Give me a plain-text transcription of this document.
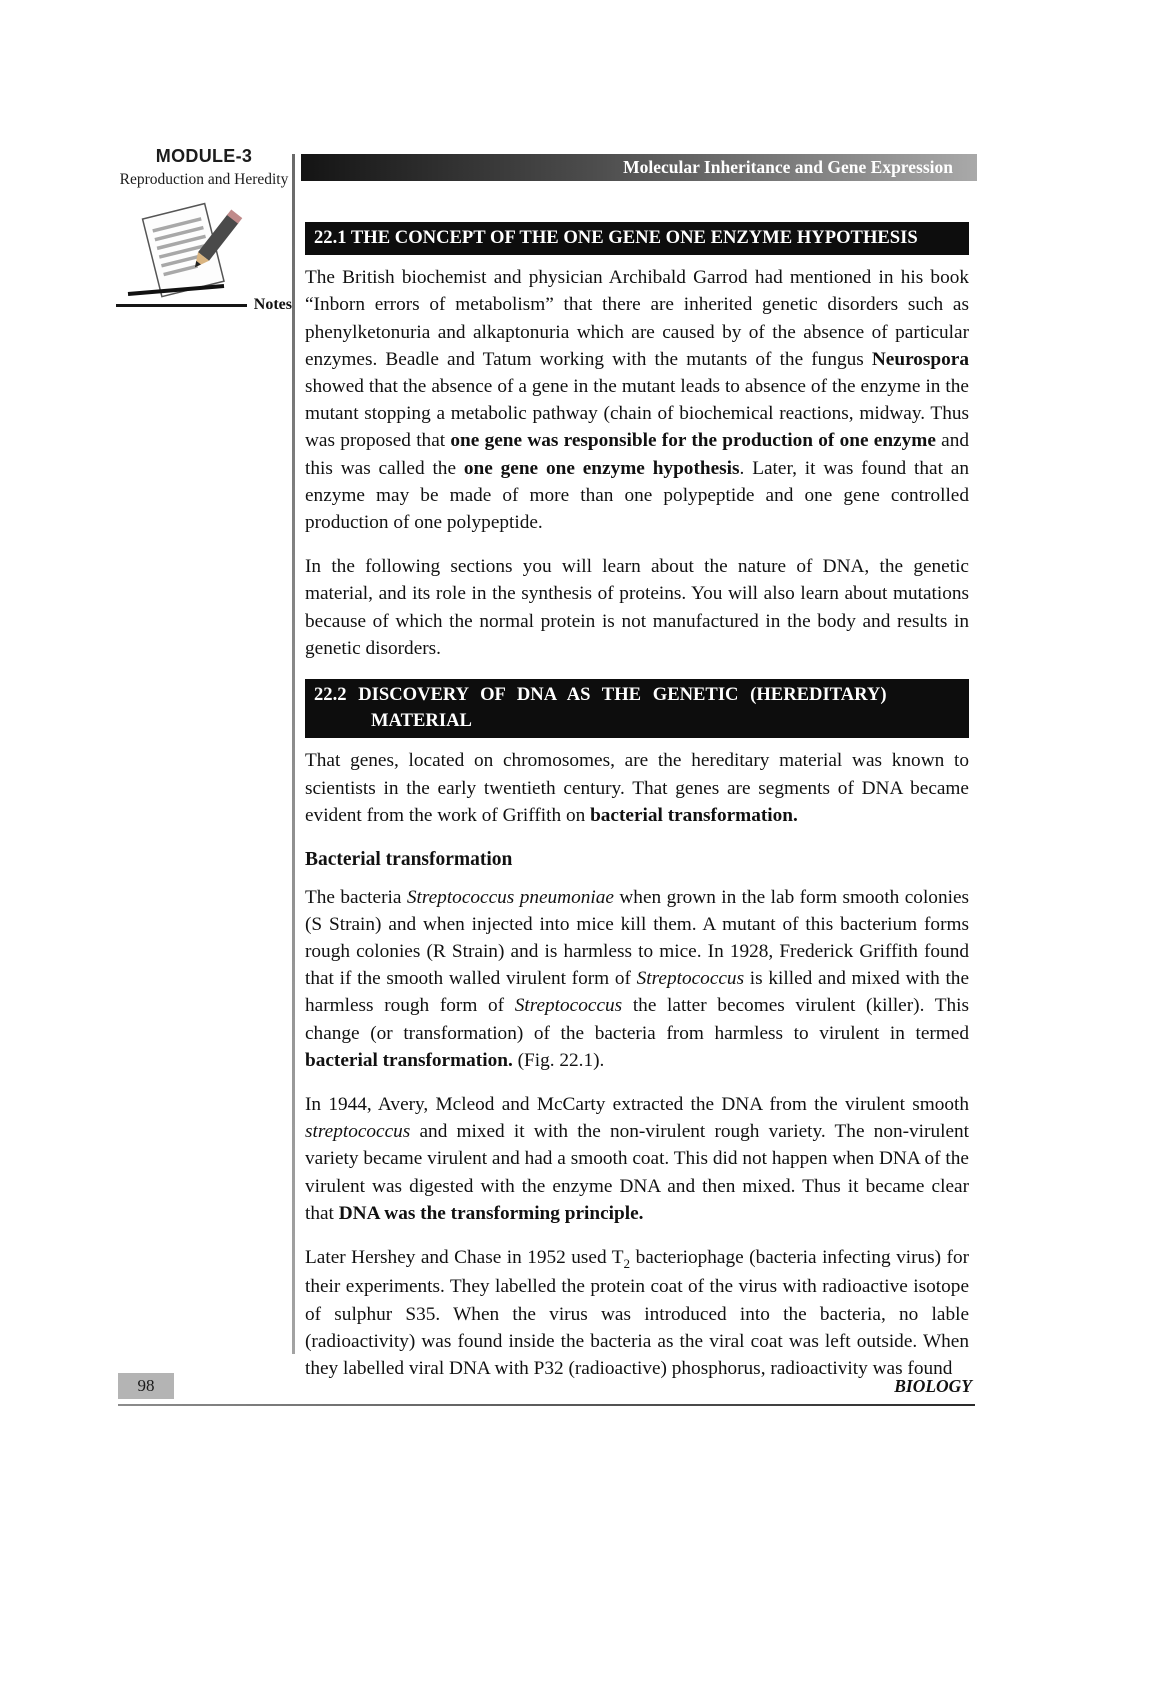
MODULE-3
Reproduction and Heredity
Notes
Molecular Inheritance and Gene Expression
22.1 THE CONCEPT OF THE ONE GENE ONE ENZYME HYPOTHESIS

The British biochemist and physician Archibald Garrod had mentioned in his book “Inborn errors of metabolism” that there are inherited genetic disorders such as phenylketonuria and alkaptonuria which are caused by of the absence of particular enzymes. Beadle and Tatum working with the mutants of the fungus Neurospora showed that the absence of a gene in the mutant leads to absence of the enzyme in the mutant stopping a metabolic pathway (chain of biochemical reactions, midway. Thus was proposed that one gene was responsible for the production of one enzyme and this was called the one gene one enzyme hypothesis. Later, it was found that an enzyme may be made of more than one polypeptide and one gene controlled production of one polypeptide.

In the following sections you will learn about the nature of DNA, the genetic material, and its role in the synthesis of proteins. You will also learn about mutations because of which the normal protein is not manufactured in the body and results in genetic disorders.

22.2 DISCOVERY OF DNA AS THE GENETIC (HEREDITARY)
MATERIAL

That genes, located on chromosomes, are the hereditary material was known to scientists in the early twentieth century. That genes are segments of DNA became evident from the work of Griffith on bacterial transformation.

Bacterial transformation

The bacteria Streptococcus pneumoniae when grown in the lab form smooth colonies (S Strain) and when injected into mice kill them. A mutant of this bacterium forms rough colonies (R Strain) and is harmless to mice. In 1928, Frederick Griffith found that if the smooth walled virulent form of Streptococcus is killed and mixed with the harmless rough form of Streptococcus the latter becomes virulent (killer). This change (or transformation) of the bacteria from harmless to virulent in termed bacterial transformation. (Fig. 22.1).

In 1944, Avery, Mcleod and McCarty extracted the DNA from the virulent smooth streptococcus and mixed it with the non-virulent rough variety. The non-virulent variety became virulent and had a smooth coat. This did not happen when DNA of the virulent was digested with the enzyme DNA and then mixed. Thus it became clear that DNA was the transforming principle.

Later Hershey and Chase in 1952 used $T_2$ bacteriophage (bacteria infecting virus) for their experiments. They labelled the protein coat of the virus with radioactive isotope of sulphur S35. When the virus was introduced into the bacteria, no lable (radioactivity) was found inside the bacteria as the viral coat was left outside. When they labelled viral DNA with P32 (radioactive) phosphorus, radioactivity was found

98	BIOLOGY
